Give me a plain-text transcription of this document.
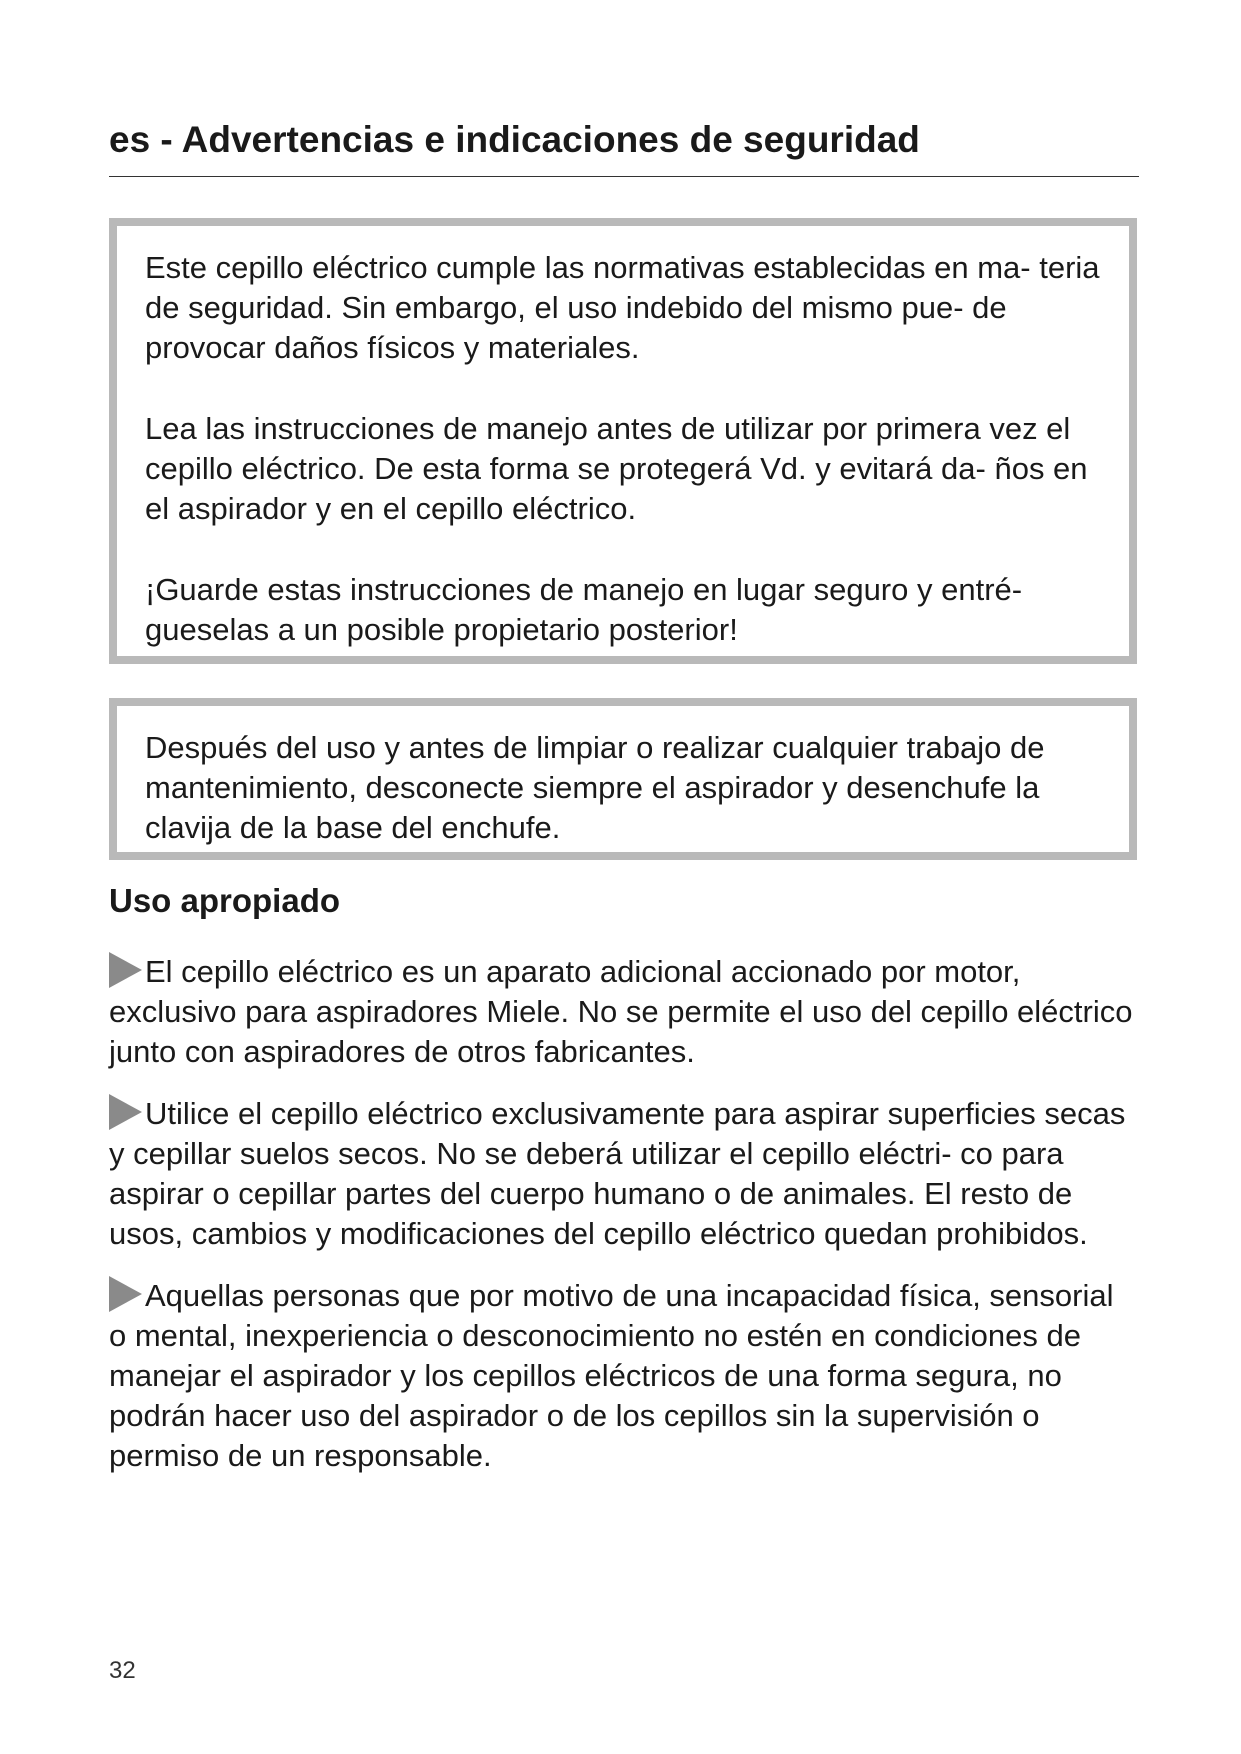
es - Advertencias e indicaciones de seguridad

Este cepillo eléctrico cumple las normativas establecidas en ma- teria de seguridad. Sin embargo, el uso indebido del mismo pue- de provocar daños físicos y materiales.

Lea las instrucciones de manejo antes de utilizar por primera vez el cepillo eléctrico. De esta forma se protegerá Vd. y evitará da- ños en el aspirador y en el cepillo eléctrico.

¡Guarde estas instrucciones de manejo en lugar seguro y entré- gueselas a un posible propietario posterior!

Después del uso y antes de limpiar o realizar cualquier trabajo de mantenimiento, desconecte siempre el aspirador y desenchufe la clavija de la base del enchufe.

Uso apropiado

El cepillo eléctrico es un aparato adicional accionado por motor, exclusivo para aspiradores Miele. No se permite el uso del cepillo eléctrico junto con aspiradores de otros fabricantes.

Utilice el cepillo eléctrico exclusivamente para aspirar superficies secas y cepillar suelos secos. No se deberá utilizar el cepillo eléctri- co para aspirar o cepillar partes del cuerpo humano o de animales. El resto de usos, cambios y modificaciones del cepillo eléctrico quedan prohibidos.

Aquellas personas que por motivo de una incapacidad física, sensorial o mental, inexperiencia o desconocimiento no estén en condiciones de manejar el aspirador y los cepillos eléctricos de una forma segura, no podrán hacer uso del aspirador o de los cepillos sin la supervisión o permiso de un responsable.

32
